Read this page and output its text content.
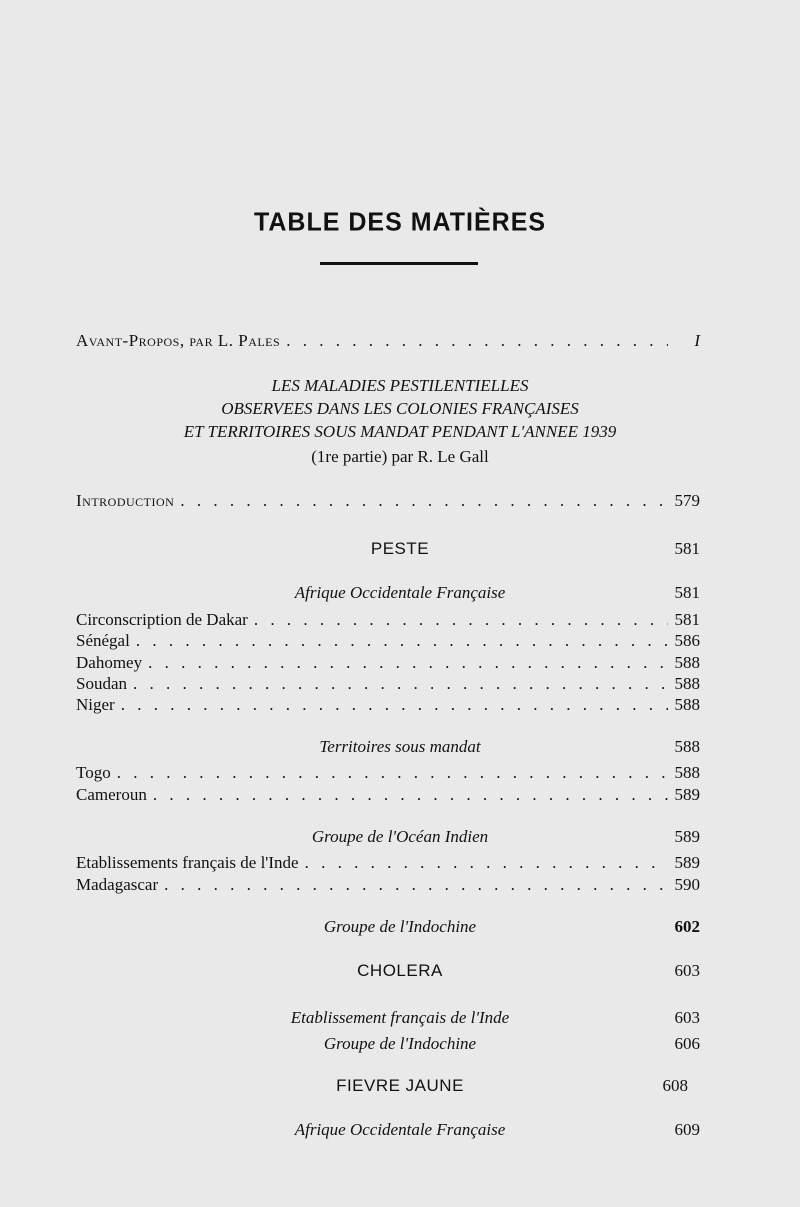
TABLE DES MATIÈRES
Avant-Propos, par L. Pales . . .	I
LES MALADIES PESTILENTIELLES
OBSERVEES DANS LES COLONIES FRANÇAISES
ET TERRITOIRES SOUS MANDAT PENDANT L'ANNEE 1939
(1re partie) par R. Le Gall
Introduction . . .	579
PESTE	581
Afrique Occidentale Française	581
Circonscription de Dakar . . .	581
Sénégal . . .	586
Dahomey . . .	588
Soudan . . .	588
Niger . . .	588
Territoires sous mandat	588
Togo . . .	588
Cameroun . . .	589
Groupe de l'Océan Indien	589
Etablissements français de l'Inde . . .	589
Madagascar . . .	590
Groupe de l'Indochine	602
CHOLERA	603
Etablissement français de l'Inde	603
Groupe de l'Indochine	606
FIEVRE JAUNE	608
Afrique Occidentale Française	609
